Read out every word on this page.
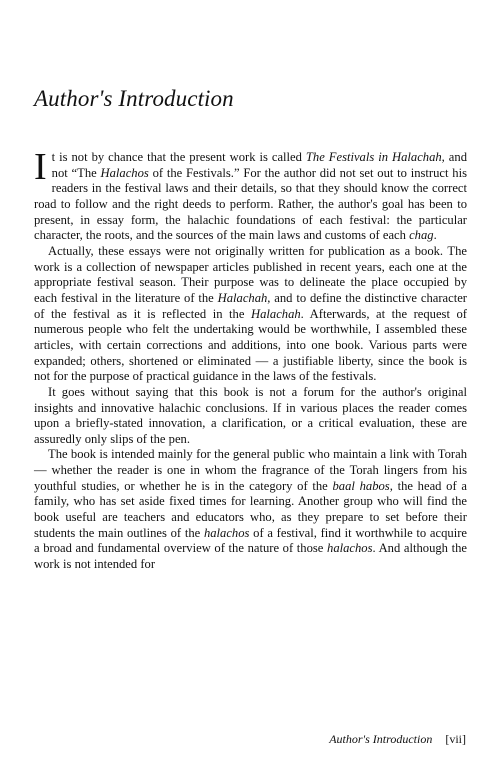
Author's Introduction

I t is not by chance that the present work is called The Festivals in Halachah, and not “The Halachos of the Festivals.” For the author did not set out to instruct his readers in the festival laws and their details, so that they should know the correct road to follow and the right deeds to perform. Rather, the author's goal has been to present, in essay form, the halachic foundations of each festival: the particular character, the roots, and the sources of the main laws and customs of each chag.

Actually, these essays were not originally written for publication as a book. The work is a collection of newspaper articles published in recent years, each one at the appropriate festival season. Their purpose was to delineate the place occupied by each festival in the literature of the Halachah, and to define the distinctive character of the festival as it is reflected in the Halachah. Afterwards, at the request of numerous people who felt the undertaking would be worthwhile, I assembled these articles, with certain corrections and additions, into one book. Various parts were expanded; others, shortened or eliminated — a justifiable liberty, since the book is not for the purpose of practical guidance in the laws of the festivals.

It goes without saying that this book is not a forum for the author's original insights and innovative halachic conclusions. If in various places the reader comes upon a briefly-stated innovation, a clarification, or a critical evaluation, these are assuredly only slips of the pen.

The book is intended mainly for the general public who maintain a link with Torah — whether the reader is one in whom the fragrance of the Torah lingers from his youthful studies, or whether he is in the category of the baal habos, the head of a family, who has set aside fixed times for learning. Another group who will find the book useful are teachers and educators who, as they prepare to set before their students the main outlines of the halachos of a festival, find it worthwhile to acquire a broad and fundamental overview of the nature of those halachos. And although the work is not intended for

Author's Introduction [vii]
